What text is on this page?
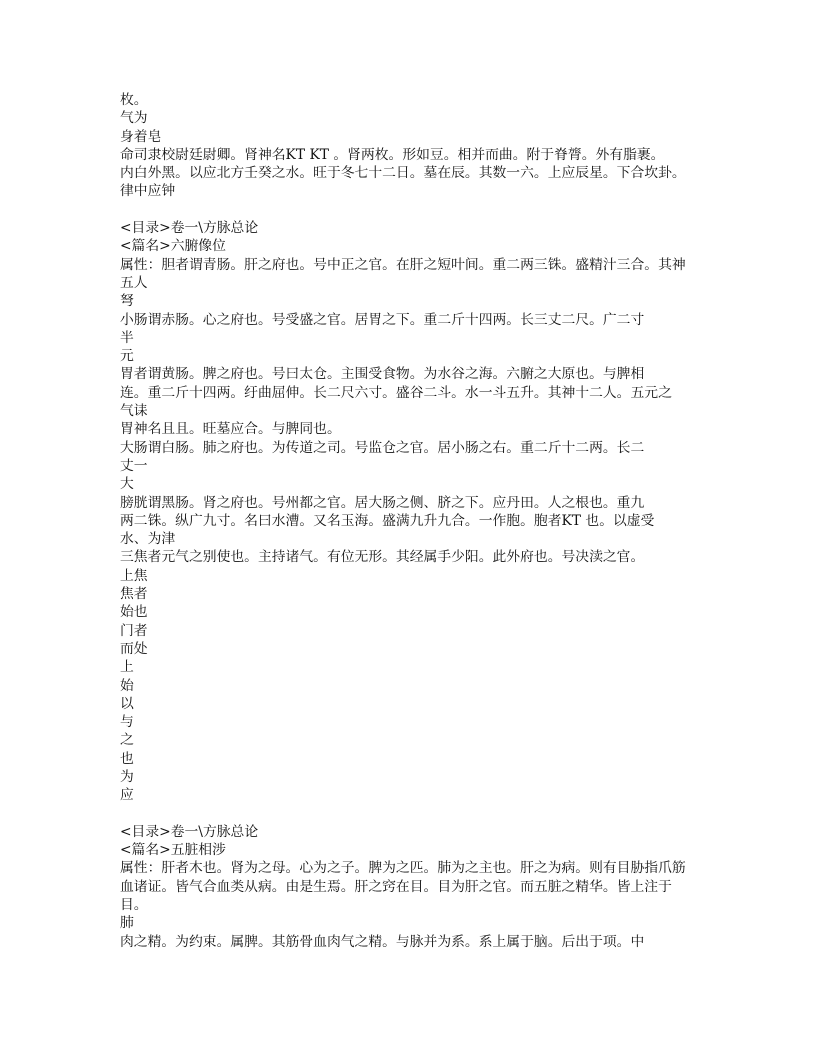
枚。
气为
身着皂
命司隶校尉廷尉卿。肾神名KT KT 。肾两枚。形如豆。相并而曲。附于脊膂。外有脂裹。
内白外黑。以应北方壬癸之水。旺于冬七十二日。墓在辰。其数一六。上应辰星。下合坎卦。
律中应钟
<目录>卷一\方脉总论
<篇名>六腑像位
属性：胆者谓青肠。肝之府也。号中正之官。在肝之短叶间。重二两三铢。盛精汁三合。其神
五人
弩
小肠谓赤肠。心之府也。号受盛之官。居胃之下。重二斤十四两。长三丈二尺。广二寸
半
元
胃者谓黄肠。脾之府也。号曰太仓。主围受食物。为水谷之海。六腑之大原也。与脾相
连。重二斤十四两。纡曲屈伸。长二尺六寸。盛谷二斗。水一斗五升。其神十二人。五元之
气诔
胃神名且且。旺墓应合。与脾同也。
大肠谓白肠。肺之府也。为传道之司。号监仓之官。居小肠之右。重二斤十二两。长二
丈一
大
膀胱谓黑肠。肾之府也。号州都之官。居大肠之侧、脐之下。应丹田。人之根也。重九
两二铢。纵广九寸。名曰水漕。又名玉海。盛满九升九合。一作胞。胞者KT 也。以虚受
水、为津
三焦者元气之别使也。主持诸气。有位无形。其经属手少阳。此外府也。号决渎之官。
上焦
焦者
始也
门者
而处
上
始
以
与
之
也
为
应
<目录>卷一\方脉总论
<篇名>五脏相涉
属性：肝者木也。肾为之母。心为之子。脾为之匹。肺为之主也。肝之为病。则有目胁指爪筋
血诸证。皆气合血类从病。由是生焉。肝之窍在目。目为肝之官。而五脏之精华。皆上注于
目。
肺
肉之精。为约束。属脾。其筋骨血肉气之精。与脉并为系。系上属于脑。后出于项。中
